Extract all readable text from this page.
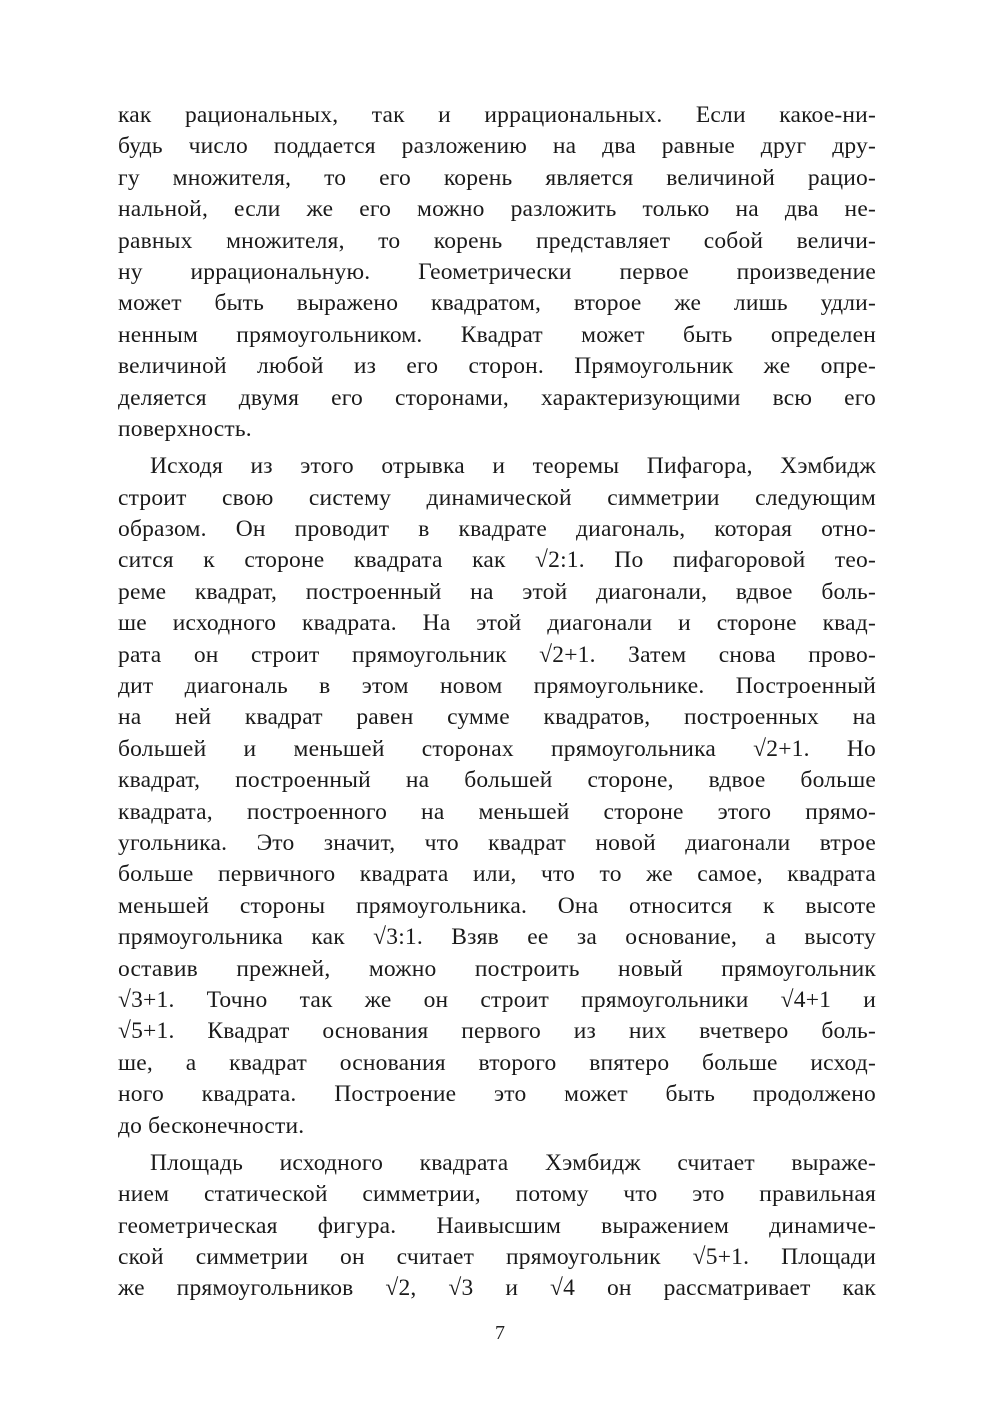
как рациональных, так и иррациональных. Если какое-ни-
будь число поддается разложению на два равные друг дру-
гу множителя, то его корень является величиной рацио-
нальной, если же его можно разложить только на два не-
равных множителя, то корень представляет собой величи-
ну иррациональную. Геометрически первое произведение
может быть выражено квадратом, второе же лишь удли-
ненным прямоугольником. Квадрат может быть определен
величиной любой из его сторон. Прямоугольник же опре-
деляется двумя его сторонами, характеризующими всю его
поверхность.
Исходя из этого отрывка и теоремы Пифагора, Хэмбидж
строит свою систему динамической симметрии следующим
образом. Он проводит в квадрате диагональ, которая отно-
сится к стороне квадрата как √2:1. По пифагоровой тео-
реме квадрат, построенный на этой диагонали, вдвое боль-
ше исходного квадрата. На этой диагонали и стороне квад-
рата он строит прямоугольник √2+1. Затем снова прово-
дит диагональ в этом новом прямоугольнике. Построенный
на ней квадрат равен сумме квадратов, построенных на
большей и меньшей сторонах прямоугольника √2+1. Но
квадрат, построенный на большей стороне, вдвое больше
квадрата, построенного на меньшей стороне этого прямо-
угольника. Это значит, что квадрат новой диагонали втрое
больше первичного квадрата или, что то же самое, квадрата
меньшей стороны прямоугольника. Она относится к высоте
прямоугольника как √3:1. Взяв ее за основание, а высоту
оставив прежней, можно построить новый прямоугольник
√3+1. Точно так же он строит прямоугольники √4+1 и
√5+1. Квадрат основания первого из них вчетверо боль-
ше, а квадрат основания второго впятеро больше исход-
ного квадрата. Построение это может быть продолжено
до бесконечности.
Площадь исходного квадрата Хэмбидж считает выраже-
нием статической симметрии, потому что это правильная
геометрическая фигура. Наивысшим выражением динамиче-
ской симметрии он считает прямоугольник √5+1. Площади
же прямоугольников √2, √3 и √4 он рассматривает как
7
